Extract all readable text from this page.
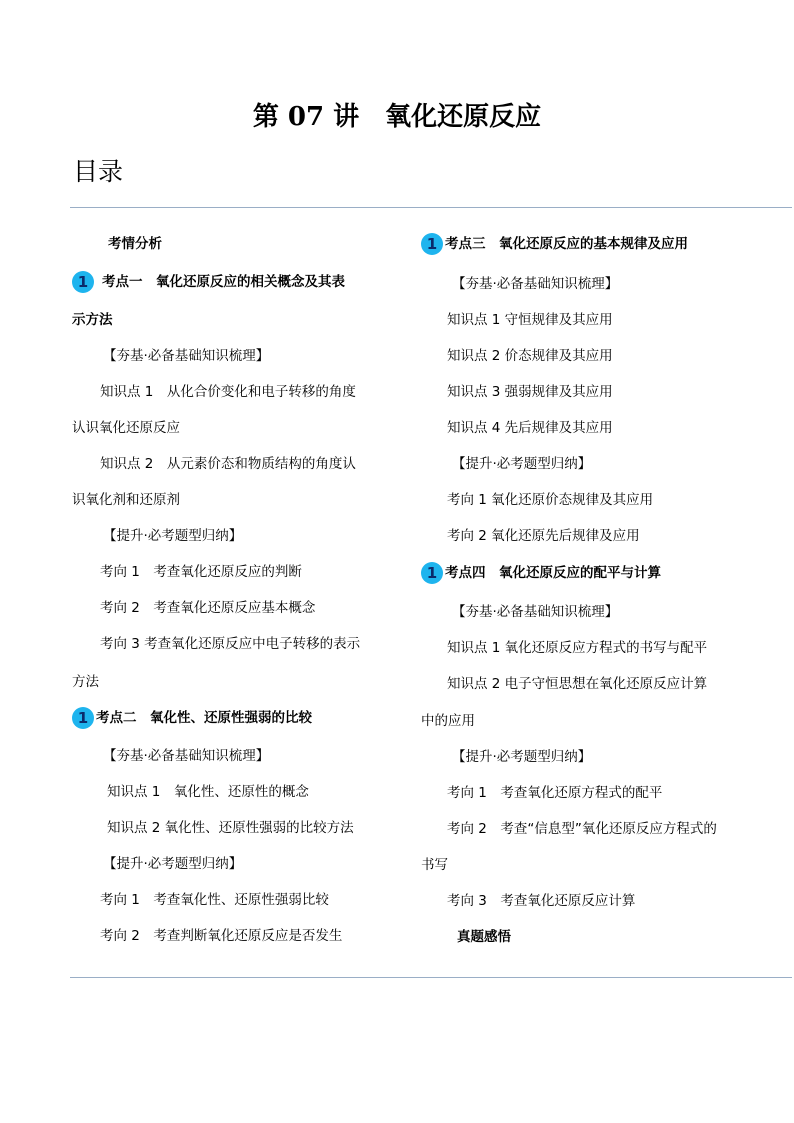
第 07 讲　氧化还原反应
目录
考情分析
1 考点一　氧化还原反应的相关概念及其表
示方法
【夯基·必备基础知识梳理】
知识点 1　从化合价变化和电子转移的角度
认识氧化还原反应
知识点 2　从元素价态和物质结构的角度认
识氧化剂和还原剂
【提升·必考题型归纳】
考向 1　考查氧化还原反应的判断
考向 2　考查氧化还原反应基本概念
考向 3 考查氧化还原反应中电子转移的表示
方法
1 考点二　氧化性、还原性强弱的比较
【夯基·必备基础知识梳理】
知识点 1　氧化性、还原性的概念
知识点 2 氧化性、还原性强弱的比较方法
【提升·必考题型归纳】
考向 1　考查氧化性、还原性强弱比较
考向 2　考查判断氧化还原反应是否发生
1 考点三　氧化还原反应的基本规律及应用
【夯基·必备基础知识梳理】
知识点 1 守恒规律及其应用
知识点 2 价态规律及其应用
知识点 3 强弱规律及其应用
知识点 4 先后规律及其应用
【提升·必考题型归纳】
考向 1 氧化还原价态规律及其应用
考向 2 氧化还原先后规律及应用
1 考点四　氧化还原反应的配平与计算
【夯基·必备基础知识梳理】
知识点 1 氧化还原反应方程式的书写与配平
知识点 2 电子守恒思想在氧化还原反应计算
中的应用
【提升·必考题型归纳】
考向 1　考查氧化还原方程式的配平
考向 2　考查“信息型”氧化还原反应方程式的
书写
考向 3　考查氧化还原反应计算
真题感悟
